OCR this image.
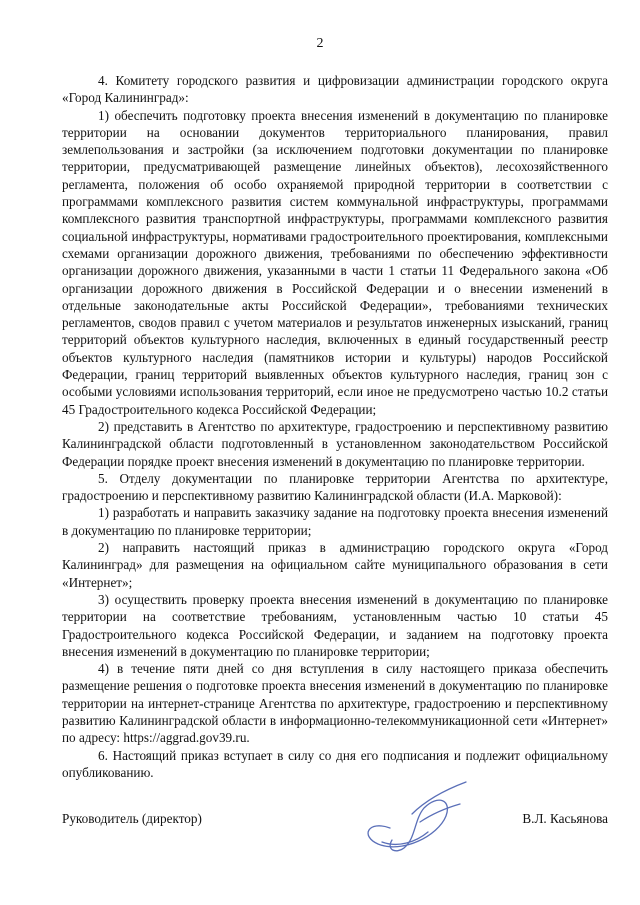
2

4. Комитету городского развития и цифровизации администрации городского округа «Город Калининград»:

1) обеспечить подготовку проекта внесения изменений в документацию по планировке территории на основании документов территориального планирования, правил землепользования и застройки (за исключением подготовки документации по планировке территории, предусматривающей размещение линейных объектов), лесохозяйственного регламента, положения об особо охраняемой природной территории в соответствии с программами комплексного развития систем коммунальной инфраструктуры, программами комплексного развития транспортной инфраструктуры, программами комплексного развития социальной инфраструктуры, нормативами градостроительного проектирования, комплексными схемами организации дорожного движения, требованиями по обеспечению эффективности организации дорожного движения, указанными в части 1 статьи 11 Федерального закона «Об организации дорожного движения в Российской Федерации и о внесении изменений в отдельные законодательные акты Российской Федерации», требованиями технических регламентов, сводов правил с учетом материалов и результатов инженерных изысканий, границ территорий объектов культурного наследия, включенных в единый государственный реестр объектов культурного наследия (памятников истории и культуры) народов Российской Федерации, границ территорий выявленных объектов культурного наследия, границ зон с особыми условиями использования территорий, если иное не предусмотрено частью 10.2 статьи 45 Градостроительного кодекса Российской Федерации;

2) представить в Агентство по архитектуре, градостроению и перспективному развитию Калининградской области подготовленный в установленном законодательством Российской Федерации порядке проект внесения изменений в документацию по планировке территории.

5. Отделу документации по планировке территории Агентства по архитектуре, градостроению и перспективному развитию Калининградской области (И.А. Марковой):

1) разработать и направить заказчику задание на подготовку проекта внесения изменений в документацию по планировке территории;

2) направить настоящий приказ в администрацию городского округа «Город Калининград» для размещения на официальном сайте муниципального образования в сети «Интернет»;

3) осуществить проверку проекта внесения изменений в документацию по планировке территории на соответствие требованиям, установленным частью 10 статьи 45 Градостроительного кодекса Российской Федерации, и заданием на подготовку проекта внесения изменений в документацию по планировке территории;

4) в течение пяти дней со дня вступления в силу настоящего приказа обеспечить размещение решения о подготовке проекта внесения изменений в документацию по планировке территории на интернет-странице Агентства по архитектуре, градостроению и перспективному развитию Калининградской области в информационно-телекоммуникационной сети «Интернет» по адресу: https://aggrad.gov39.ru.

6. Настоящий приказ вступает в силу со дня его подписания и подлежит официальному опубликованию.

Руководитель (директор)	В.Л. Касьянова
